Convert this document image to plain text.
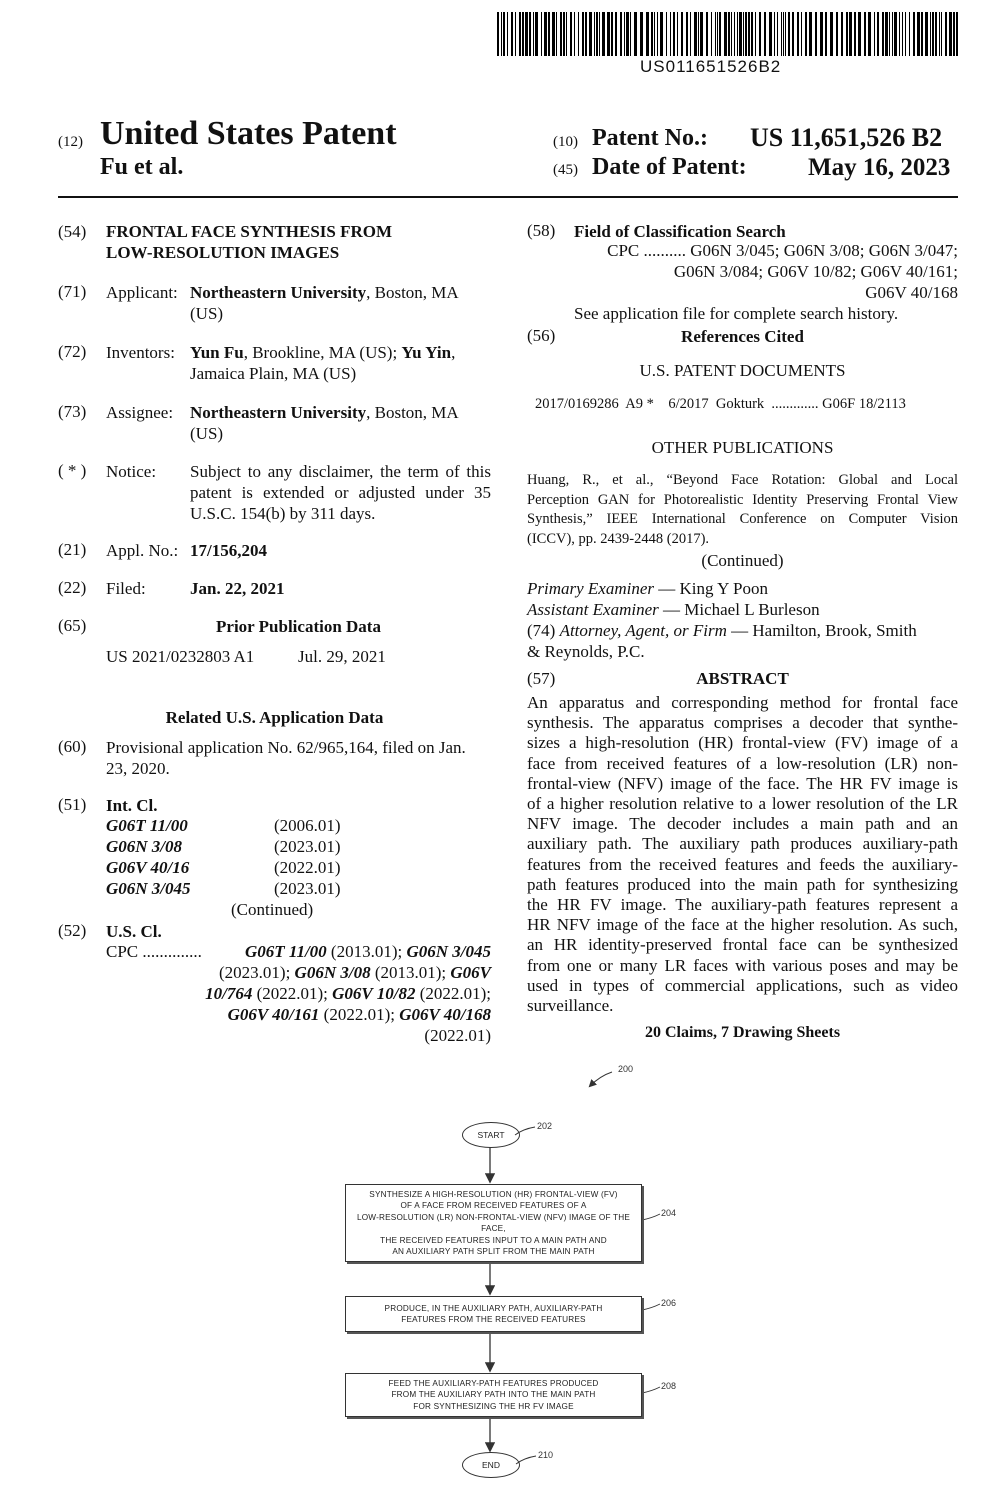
US011651526B2
(12) United States Patent
Fu et al.
(10) Patent No.: US 11,651,526 B2
(45) Date of Patent: May 16, 2023
(54) FRONTAL FACE SYNTHESIS FROM
LOW-RESOLUTION IMAGES
(71) Applicant: Northeastern University, Boston, MA
(US)
(72) Inventors: Yun Fu, Brookline, MA (US); Yu Yin,
Jamaica Plain, MA (US)
(73) Assignee: Northeastern University, Boston, MA
(US)
( * ) Notice: Subject to any disclaimer, the term of this
patent is extended or adjusted under 35
U.S.C. 154(b) by 311 days.
(21) Appl. No.: 17/156,204
(22) Filed:	Jan. 22, 2021
(65)	Prior Publication Data
US 2021/0232803 A1	Jul. 29, 2021
Related U.S. Application Data
(60) Provisional application No. 62/965,164, filed on Jan.
23, 2020.
(51) Int. Cl.
G06T 11/00	(2006.01)
G06N 3/08	(2023.01)
G06V 40/16	(2022.01)
G06N 3/045	(2023.01)
(Continued)
(52) U.S. Cl.
CPC ..............	G06T 11/00 (2013.01); G06N 3/045
(2023.01); G06N 3/08 (2013.01); G06V
10/764 (2022.01); G06V 10/82 (2022.01);
G06V 40/161 (2022.01); G06V 40/168
(2022.01)
(58) Field of Classification Search
CPC .......... G06N 3/045; G06N 3/08; G06N 3/047;
G06N 3/084; G06V 10/82; G06V 40/161;
G06V 40/168
See application file for complete search history.
(56)	References Cited
U.S. PATENT DOCUMENTS
2017/0169286  A9 *    6/2017  Gokturk  ............. G06F 18/2113
OTHER PUBLICATIONS
Huang, R., et al., “Beyond Face Rotation: Global and Local
Perception GAN for Photorealistic Identity Preserving Frontal View
Synthesis,” IEEE International Conference on Computer Vision
(ICCV), pp. 2439-2448 (2017).
(Continued)
Primary Examiner — King Y Poon
Assistant Examiner — Michael L Burleson
(74) Attorney, Agent, or Firm — Hamilton, Brook, Smith
& Reynolds, P.C.
(57)	ABSTRACT
An apparatus and corresponding method for frontal face
synthesis. The apparatus comprises a decoder that synthe-
sizes a high-resolution (HR) frontal-view (FV) image of a
face from received features of a low-resolution (LR) non-
frontal-view (NFV) image of the face. The HR FV image is
of a higher resolution relative to a lower resolution of the LR
NFV image. The decoder includes a main path and an
auxiliary path. The auxiliary path produces auxiliary-path
features from the received features and feeds the auxiliary-
path features produced into the main path for synthesizing
the HR FV image. The auxiliary-path features represent a
HR NFV image of the face at the higher resolution. As such,
an HR identity-preserved frontal face can be synthesized
from one or many LR faces with various poses and may be
used in types of commercial applications, such as video
surveillance.
20 Claims, 7 Drawing Sheets
200
START
202
SYNTHESIZE A HIGH-RESOLUTION (HR) FRONTAL-VIEW (FV)
OF A FACE FROM RECEIVED FEATURES OF A
LOW-RESOLUTION (LR) NON-FRONTAL-VIEW (NFV) IMAGE OF THE FACE,
THE RECEIVED FEATURES INPUT TO A MAIN PATH AND
AN AUXILIARY PATH SPLIT FROM THE MAIN PATH
204
PRODUCE, IN THE AUXILIARY PATH, AUXILIARY-PATH
FEATURES FROM THE RECEIVED FEATURES
206
FEED THE AUXILIARY-PATH FEATURES PRODUCED
FROM THE AUXILIARY PATH INTO THE MAIN PATH
FOR SYNTHESIZING THE HR FV IMAGE
208
END
210
